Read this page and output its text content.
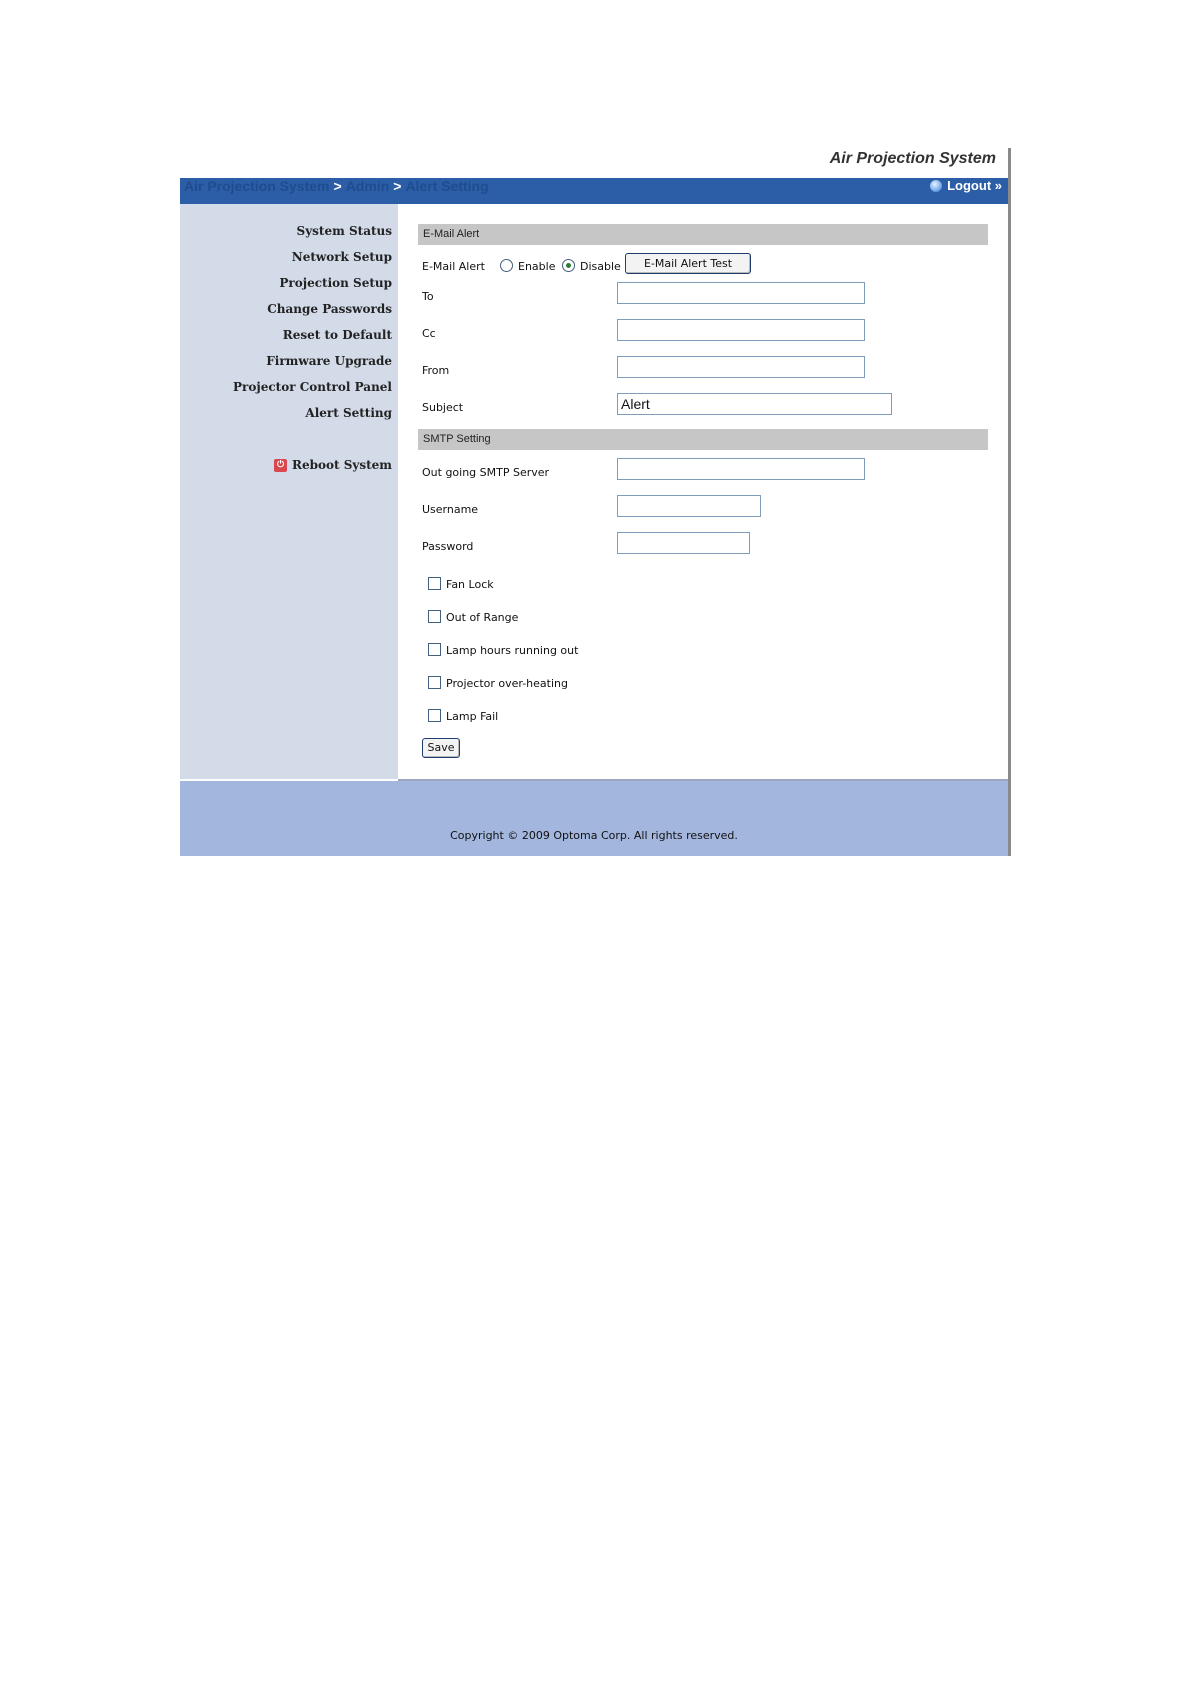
Air Projection System
Air Projection System > Admin > Alert Setting	Logout »
System Status
Network Setup
Projection Setup
Change Passwords
Reset to Default
Firmware Upgrade
Projector Control Panel
Alert Setting
⏻ Reboot System
E-Mail Alert
E-Mail Alert	Enable Disable	E-Mail Alert Test
To
Cc
From
Subject	Alert
SMTP Setting
Out going SMTP Server
Username
Password
Fan Lock
Out of Range
Lamp hours running out
Projector over-heating
Lamp Fail
Save
Copyright © 2009 Optoma Corp. All rights reserved.
